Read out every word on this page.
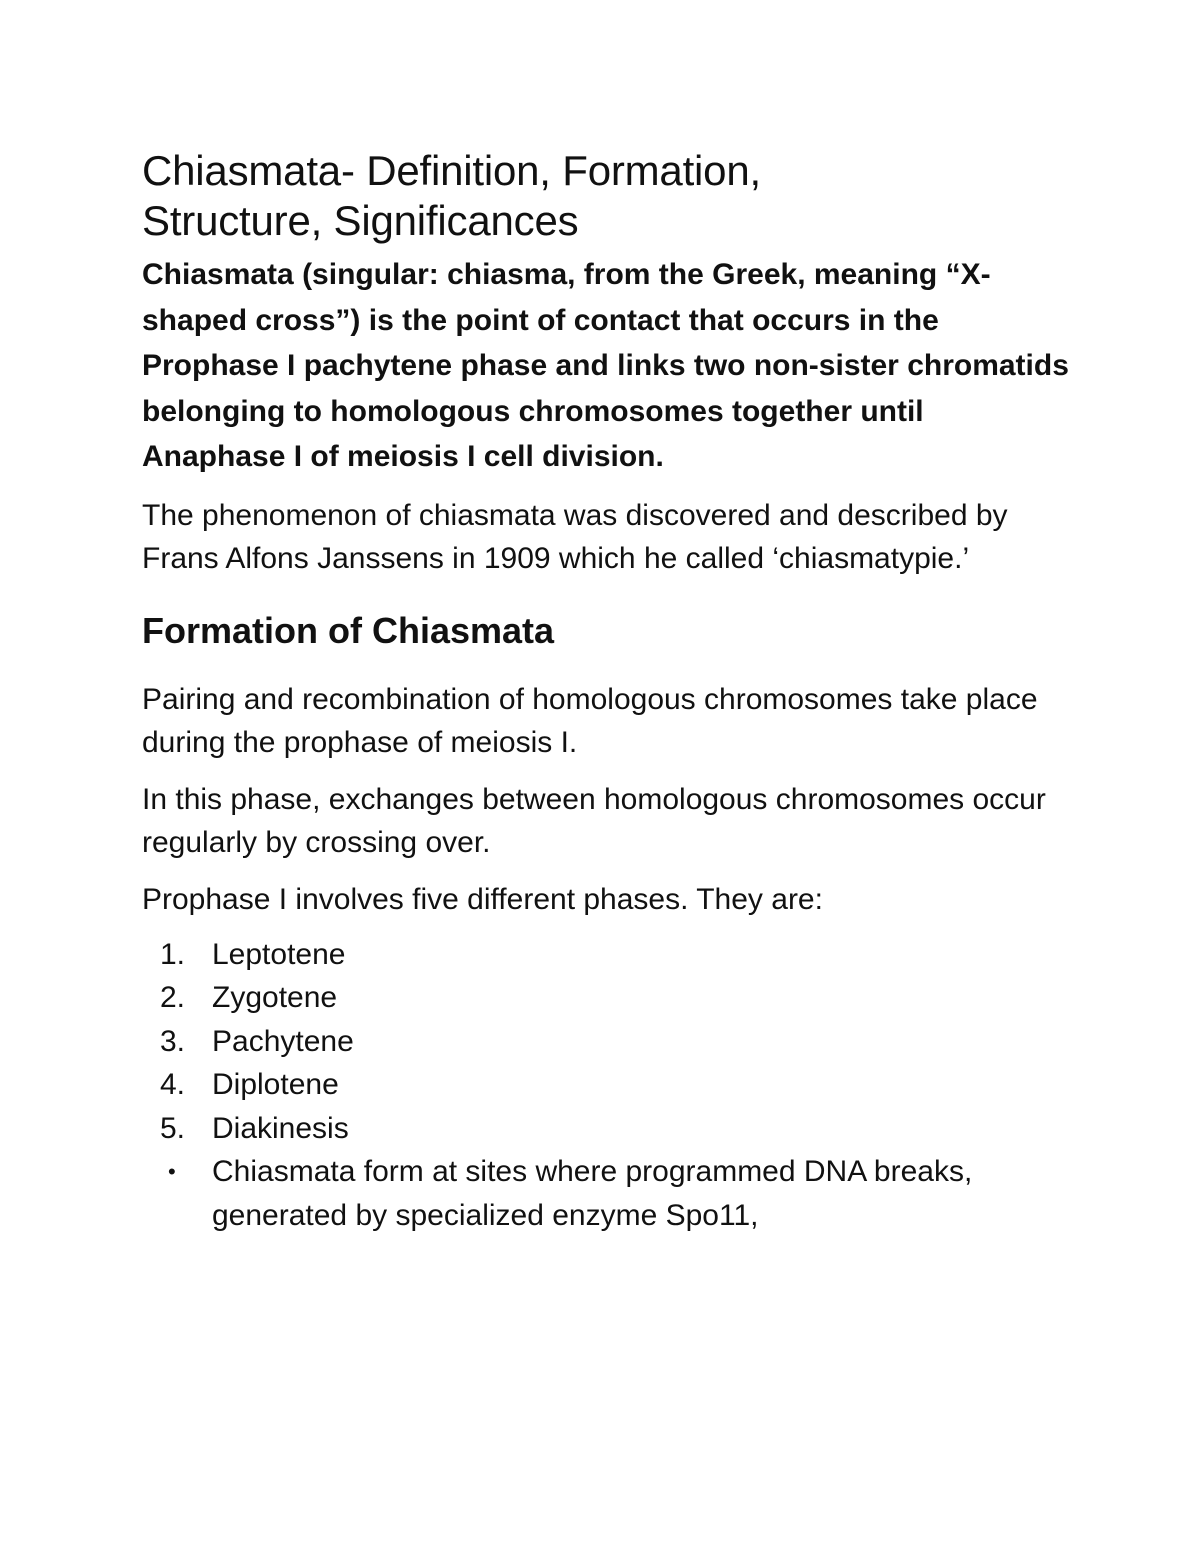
Chiasmata- Definition, Formation,
Structure, Significances

Chiasmata (singular: chiasma, from the Greek, meaning “X-shaped cross”) is the point of contact that occurs in the Prophase I pachytene phase and links two non-sister chromatids belonging to homologous chromosomes together until Anaphase I of meiosis I cell division.

The phenomenon of chiasmata was discovered and described by Frans Alfons Janssens in 1909 which he called ‘chiasmatypie.’

Formation of Chiasmata

Pairing and recombination of homologous chromosomes take place during the prophase of meiosis I.

In this phase, exchanges between homologous chromosomes occur regularly by crossing over.

Prophase I involves five different phases. They are:

1. Leptotene
2. Zygotene
3. Pachytene
4. Diplotene
5. Diakinesis
• Chiasmata form at sites where programmed DNA breaks, generated by specialized enzyme Spo11,
